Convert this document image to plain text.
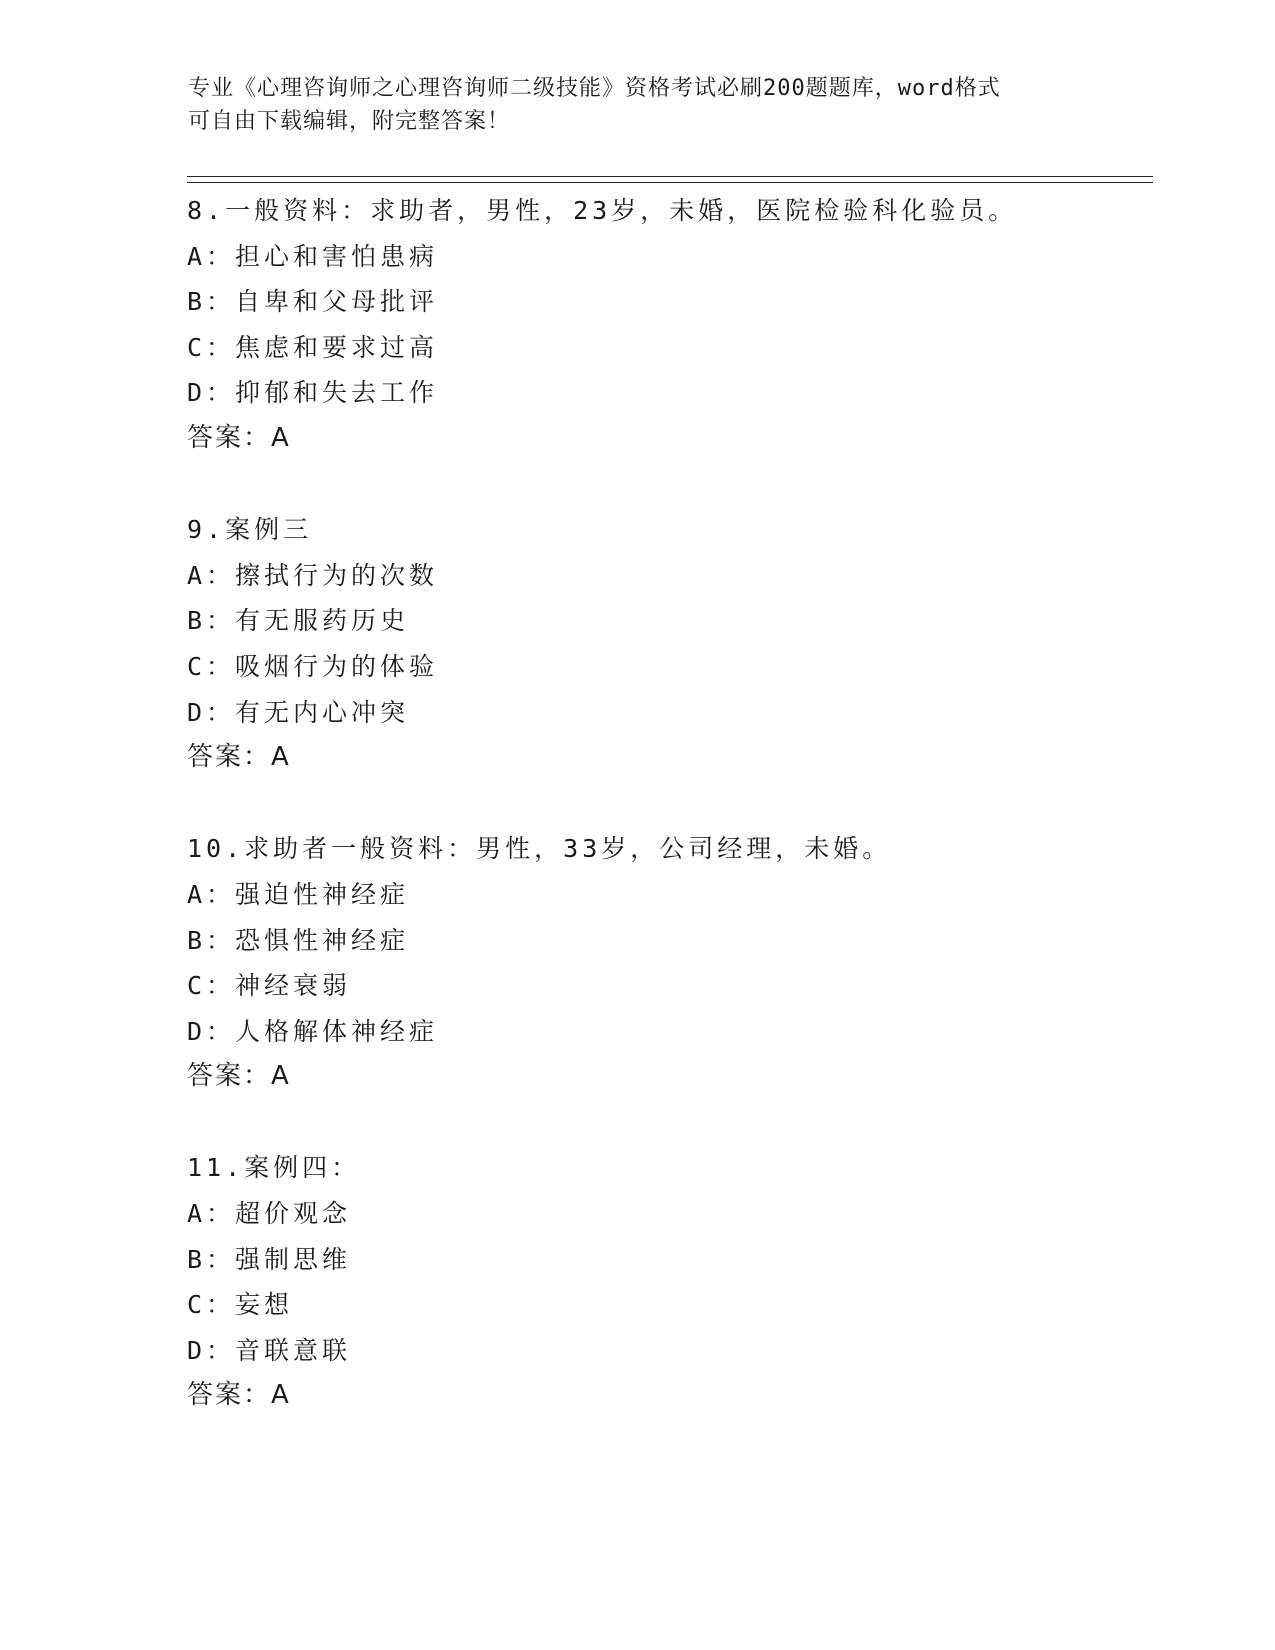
专业《心理咨询师之心理咨询师二级技能》资格考试必刷200题题库，word格式
可自由下载编辑，附完整答案！
8.一般资料：求助者，男性，23岁，未婚，医院检验科化验员。
A：担心和害怕患病
B：自卑和父母批评
C：焦虑和要求过高
D：抑郁和失去工作
答案：A
9.案例三
A：擦拭行为的次数
B：有无服药历史
C：吸烟行为的体验
D：有无内心冲突
答案：A
10.求助者一般资料：男性，33岁，公司经理，未婚。
A：强迫性神经症
B：恐惧性神经症
C：神经衰弱
D：人格解体神经症
答案：A
11.案例四：
A：超价观念
B：强制思维
C：妄想
D：音联意联
答案：A
